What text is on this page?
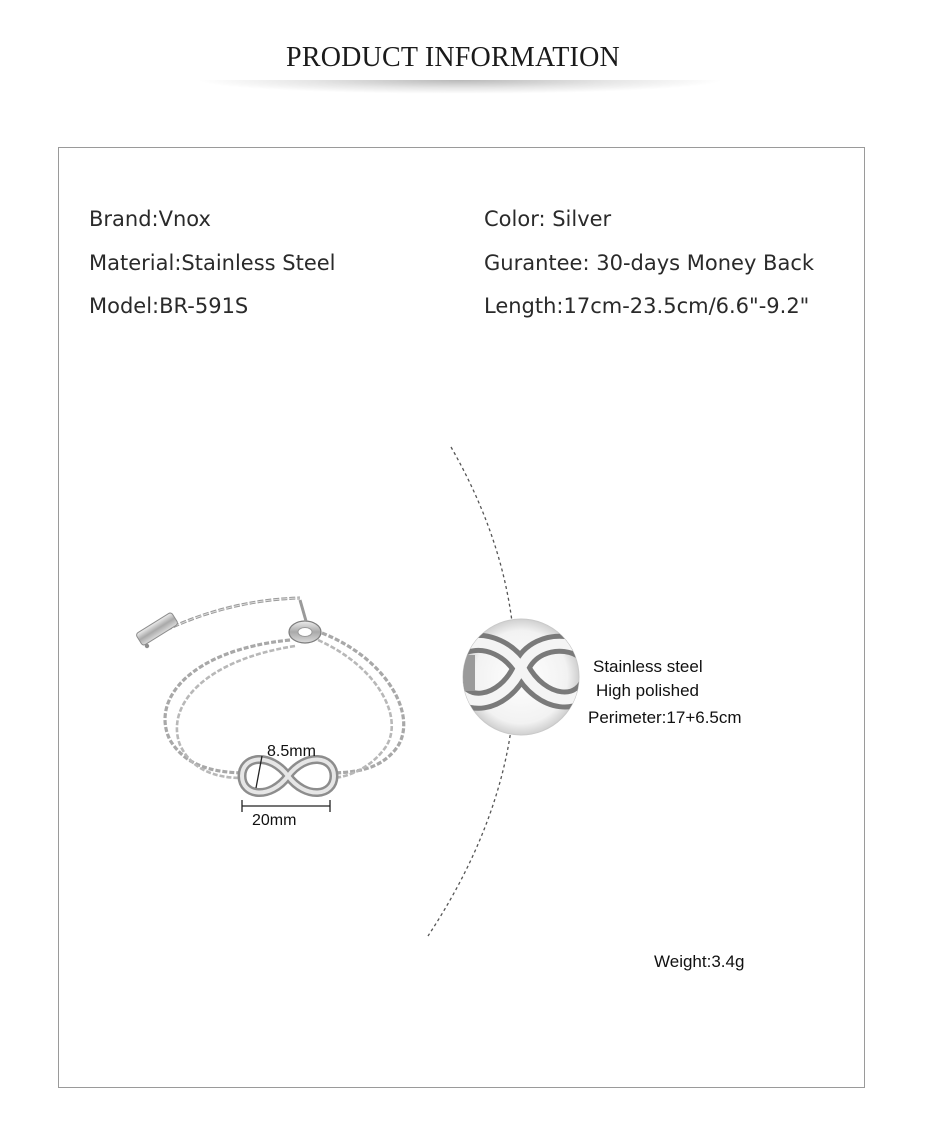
PRODUCT INFORMATION
Brand:Vnox
Material:Stainless Steel
Model:BR-591S
Color: Silver
Gurantee: 30-days Money Back
Length:17cm-23.5cm/6.6"-9.2"
8.5mm
20mm
Stainless steel
High polished
Perimeter:17+6.5cm
Weight:3.4g
